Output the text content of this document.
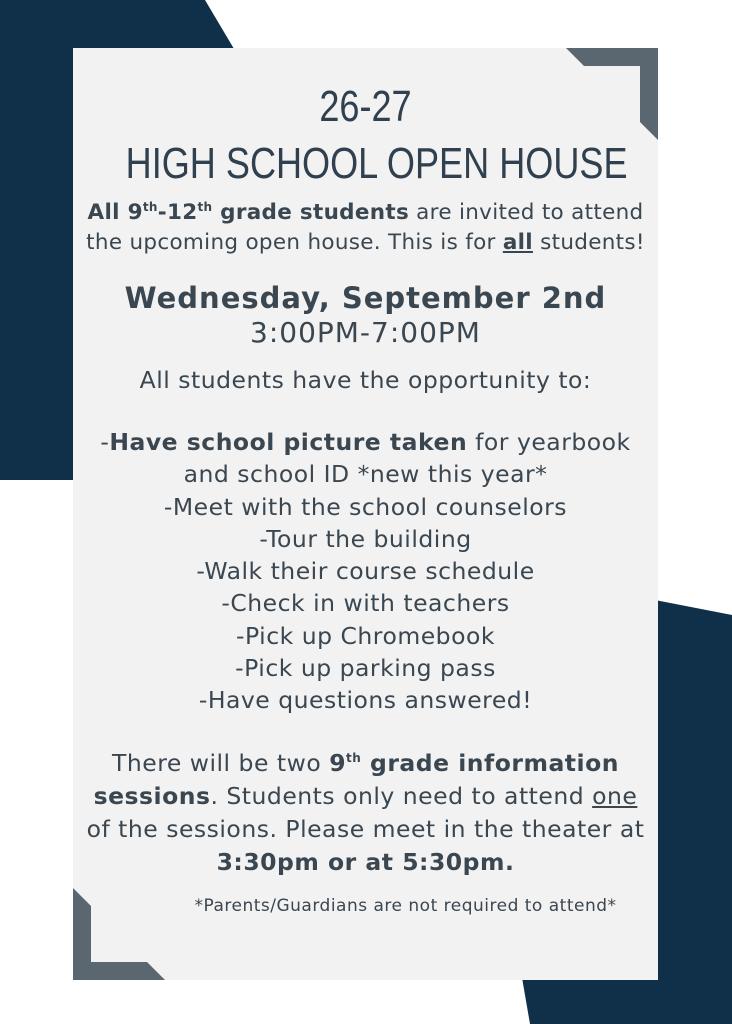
26-27
HIGH SCHOOL OPEN HOUSE
All 9th-12th grade students are invited to attend the upcoming open house. This is for all students!
Wednesday, September 2nd
3:00PM-7:00PM
All students have the opportunity to:
-Have school picture taken for yearbook
and school ID *new this year*
-Meet with the school counselors
-Tour the building
-Walk their course schedule
-Check in with teachers
-Pick up Chromebook
-Pick up parking pass
-Have questions answered!
There will be two 9th grade information sessions. Students only need to attend one of the sessions. Please meet in the theater at 3:30pm or at 5:30pm.
*Parents/Guardians are not required to attend*
